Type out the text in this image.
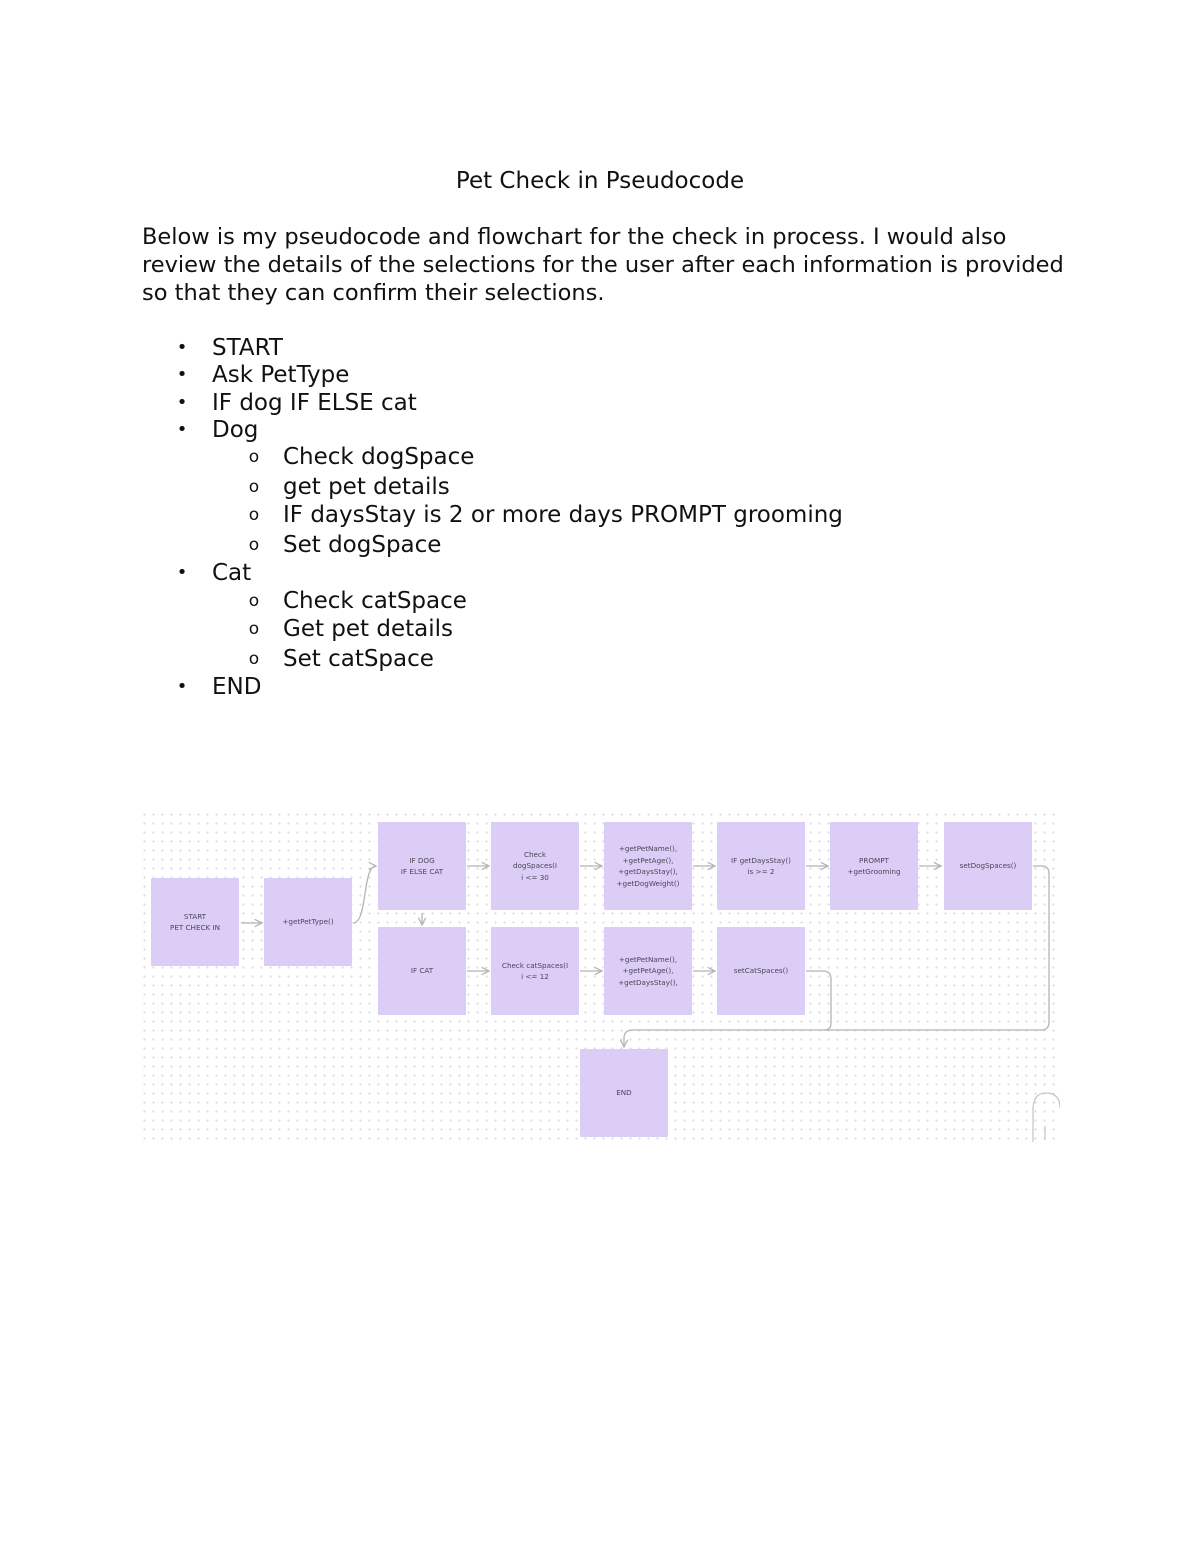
Pet Check in Pseudocode

Below is my pseudocode and flowchart for the check in process. I would also review the details of the selections for the user after each information is provided so that they can confirm their selections.

• START
• Ask PetType
• IF dog IF ELSE cat
• Dog
o Check dogSpace
o get pet details
o IF daysStay is 2 or more days PROMPT grooming
o Set dogSpace
• Cat
o Check catSpace
o Get pet details
o Set catSpace
• END
START
PET CHECK IN
+getPetType()
IF DOG
IF ELSE CAT
Check
dogSpaces(I
i <= 30
+getPetName(),
+getPetAge(),
+getDaysStay(),
+getDogWeight()
IF getDaysStay()
is >= 2
PROMPT
+getGrooming
setDogSpaces()
IF CAT
Check catSpaces(I
i <= 12
+getPetName(),
+getPetAge(),
+getDaysStay(),
setCatSpaces()
END
